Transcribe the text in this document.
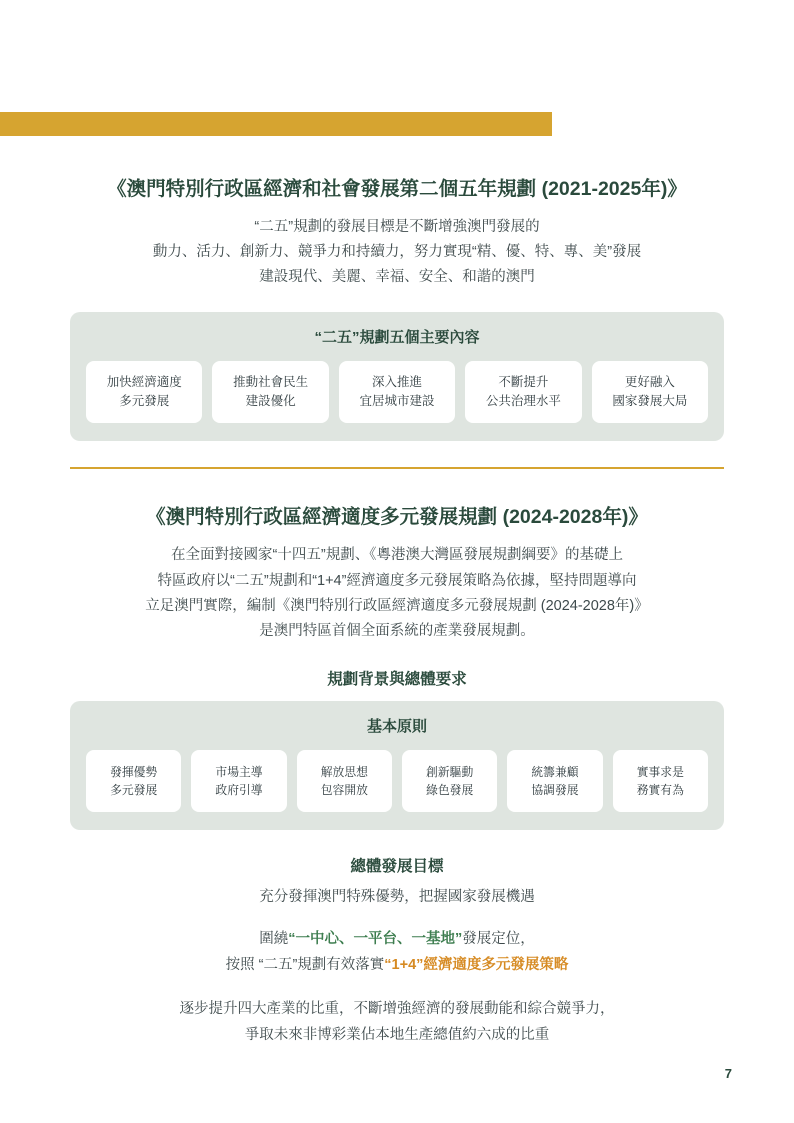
《澳門特別行政區經濟和社會發展第二個五年規劃 (2021-2025年)》
“二五”規劃的發展目標是不斷增強澳門發展的
動力、活力、創新力、競爭力和持續力，努力實現“精、優、特、專、美”發展
建設現代、美麗、幸福、安全、和諧的澳門
“二五”規劃五個主要內容
加快經濟適度
多元發展
推動社會民生
建設優化
深入推進
宜居城市建設
不斷提升
公共治理水平
更好融入
國家發展大局
《澳門特別行政區經濟適度多元發展規劃 (2024-2028年)》
在全面對接國家“十四五”規劃、《粵港澳大灣區發展規劃綱要》的基礎上
特區政府以“二五”規劃和“1+4”經濟適度多元發展策略為依據，堅持問題導向
立足澳門實際，編制《澳門特別行政區經濟適度多元發展規劃 (2024-2028年)》
是澳門特區首個全面系統的產業發展規劃。
規劃背景與總體要求
基本原則
發揮優勢
多元發展
市場主導
政府引導
解放思想
包容開放
創新驅動
綠色發展
統籌兼顧
協調發展
實事求是
務實有為
總體發展目標
充分發揮澳門特殊優勢，把握國家發展機遇
圍繞“一中心、一平台、一基地”發展定位，
按照 “二五”規劃有效落實“1+4”經濟適度多元發展策略
逐步提升四大產業的比重，不斷增強經濟的發展動能和綜合競爭力，
爭取未來非博彩業佔本地生產總值約六成的比重
7
